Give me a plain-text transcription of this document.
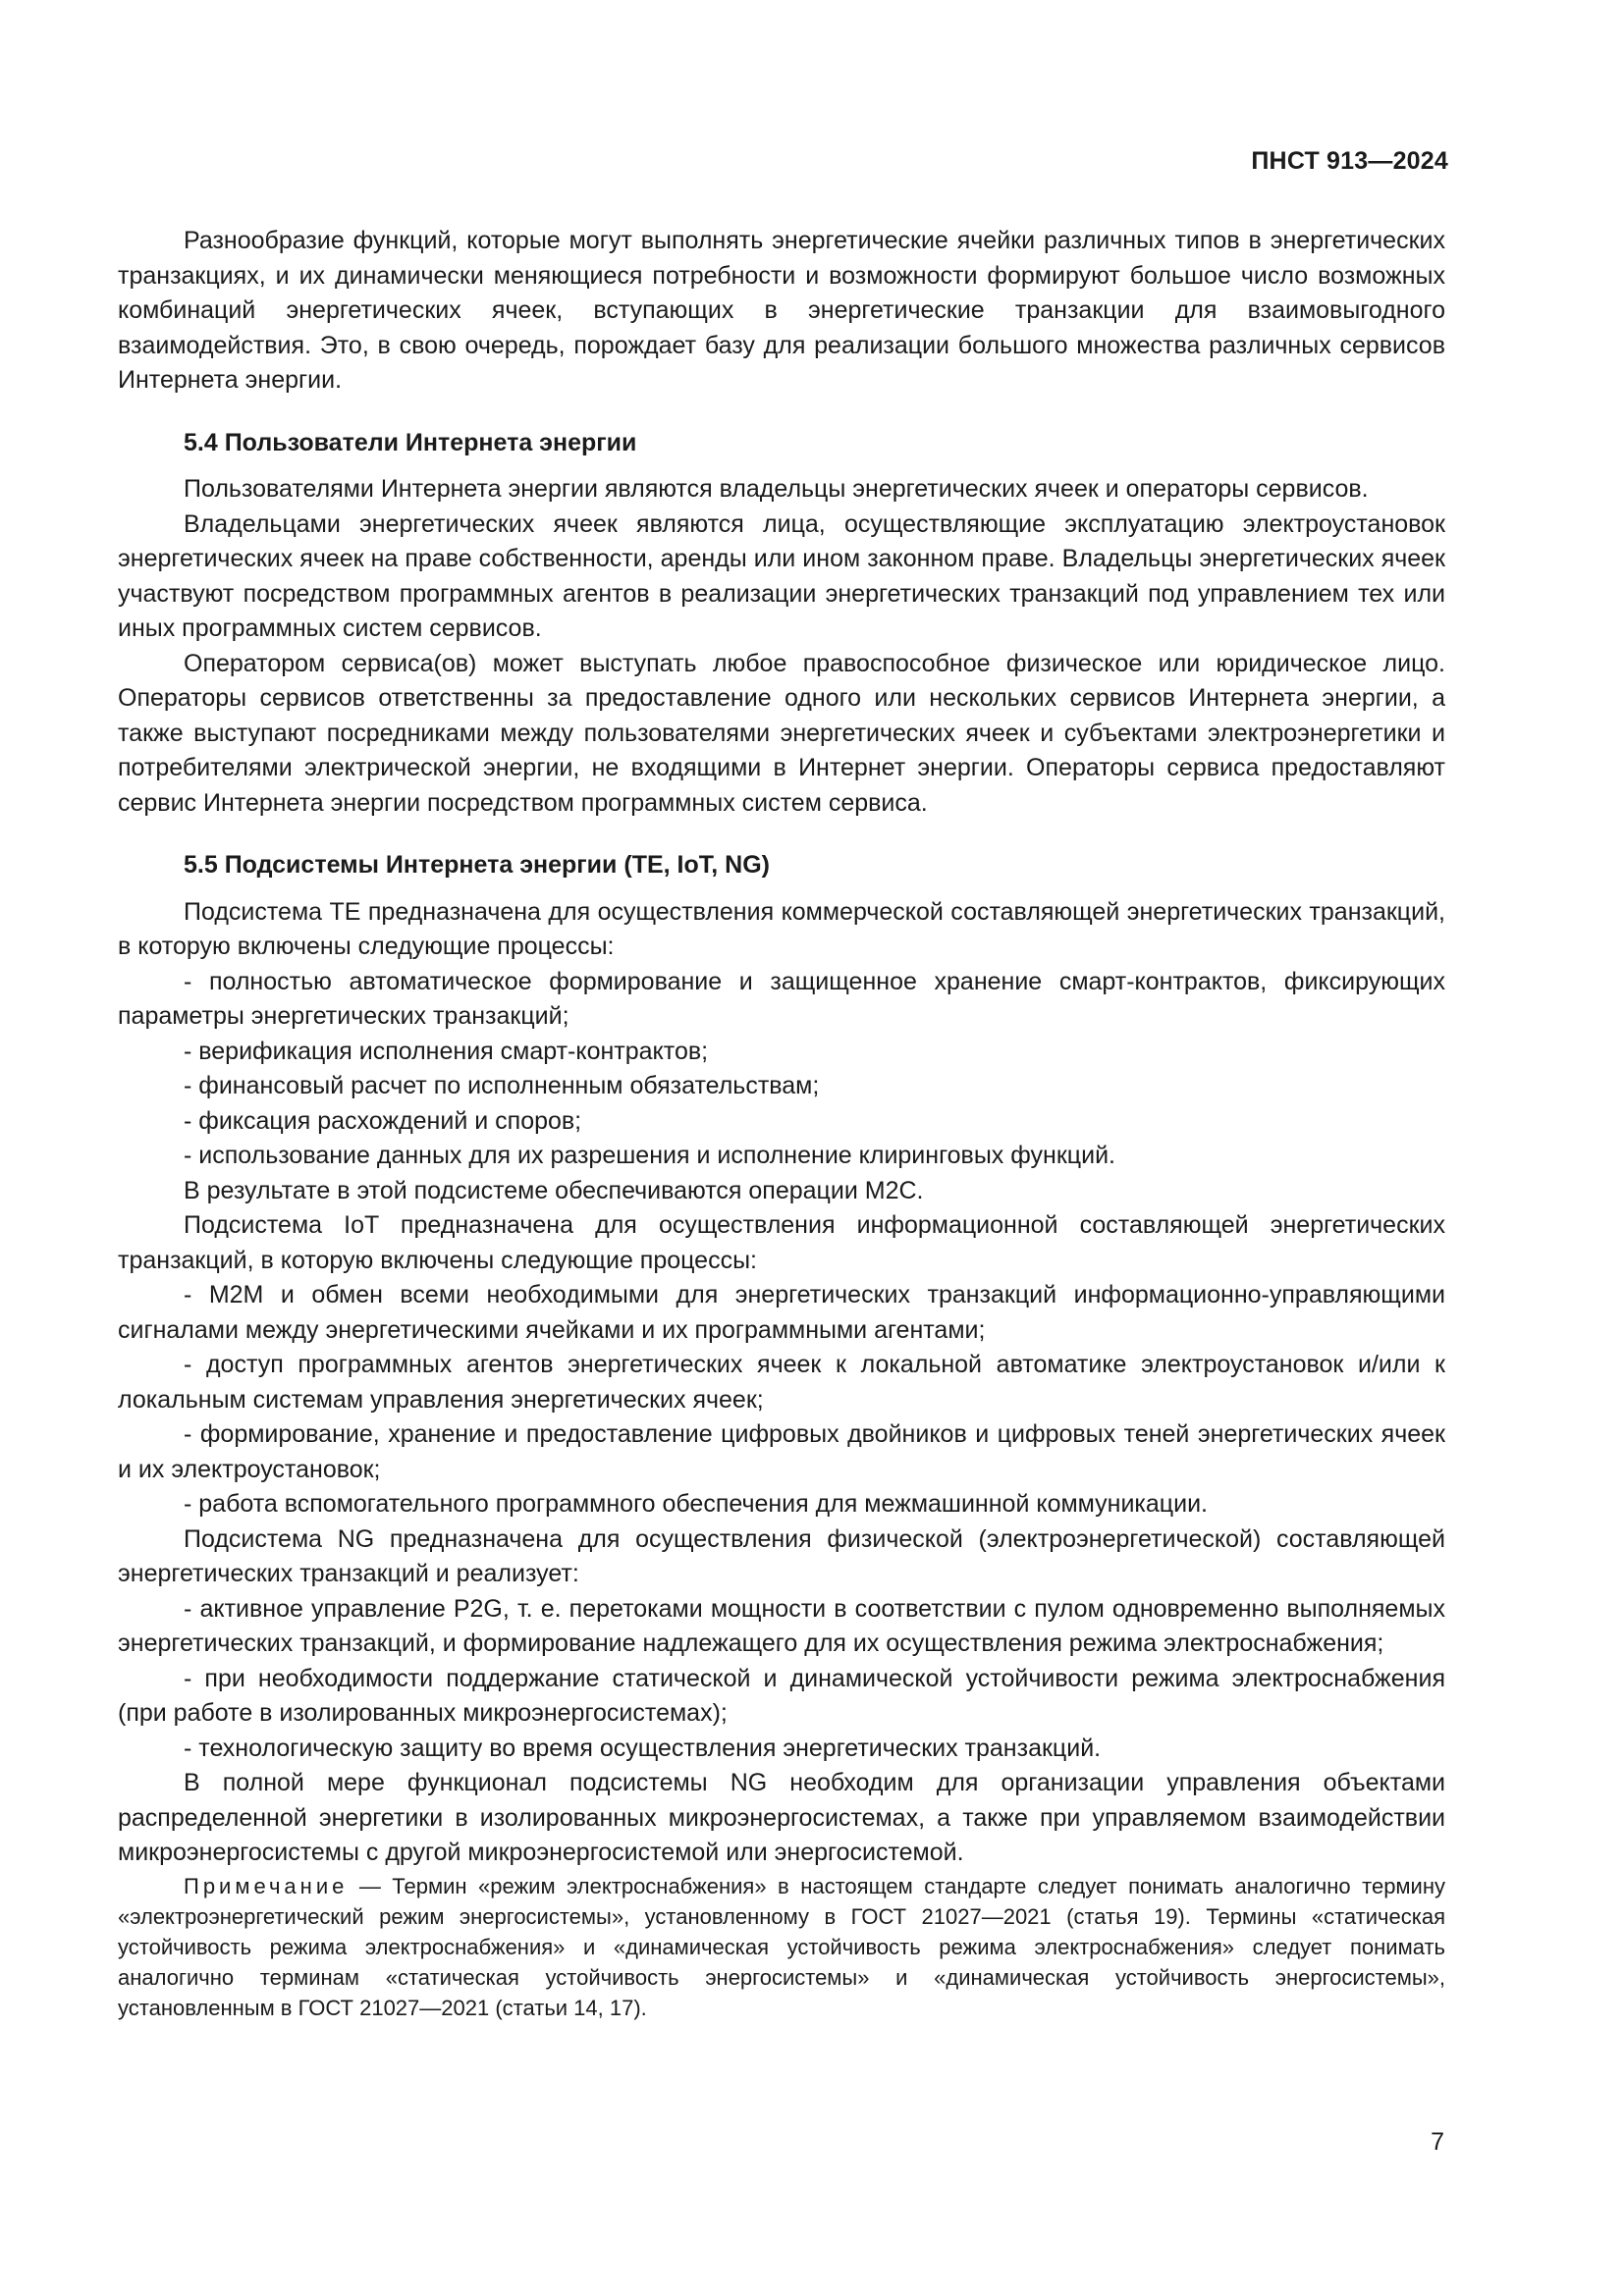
ПНСТ 913—2024

Разнообразие функций, которые могут выполнять энергетические ячейки различных типов в энергетических транзакциях, и их динамически меняющиеся потребности и возможности формируют большое число возможных комбинаций энергетических ячеек, вступающих в энергетические транзакции для взаимовыгодного взаимодействия. Это, в свою очередь, порождает базу для реализации большого множества различных сервисов Интернета энергии.

5.4 Пользователи Интернета энергии

Пользователями Интернета энергии являются владельцы энергетических ячеек и операторы сервисов.

Владельцами энергетических ячеек являются лица, осуществляющие эксплуатацию электроустановок энергетических ячеек на праве собственности, аренды или ином законном праве. Владельцы энергетических ячеек участвуют посредством программных агентов в реализации энергетических транзакций под управлением тех или иных программных систем сервисов.

Оператором сервиса(ов) может выступать любое правоспособное физическое или юридическое лицо. Операторы сервисов ответственны за предоставление одного или нескольких сервисов Интернета энергии, а также выступают посредниками между пользователями энергетических ячеек и субъектами электроэнергетики и потребителями электрической энергии, не входящими в Интернет энергии. Операторы сервиса предоставляют сервис Интернета энергии посредством программных систем сервиса.

5.5 Подсистемы Интернета энергии (TE, IoT, NG)

Подсистема TE предназначена для осуществления коммерческой составляющей энергетических транзакций, в которую включены следующие процессы:

- полностью автоматическое формирование и защищенное хранение смарт-контрактов, фиксирующих параметры энергетических транзакций;

- верификация исполнения смарт-контрактов;

- финансовый расчет по исполненным обязательствам;

- фиксация расхождений и споров;

- использование данных для их разрешения и исполнение клиринговых функций.

В результате в этой подсистеме обеспечиваются операции M2C.

Подсистема IoT предназначена для осуществления информационной составляющей энергетических транзакций, в которую включены следующие процессы:

- M2M и обмен всеми необходимыми для энергетических транзакций информационно-управляющими сигналами между энергетическими ячейками и их программными агентами;

- доступ программных агентов энергетических ячеек к локальной автоматике электроустановок и/или к локальным системам управления энергетических ячеек;

- формирование, хранение и предоставление цифровых двойников и цифровых теней энергетических ячеек и их электроустановок;

- работа вспомогательного программного обеспечения для межмашинной коммуникации.

Подсистема NG предназначена для осуществления физической (электроэнергетической) составляющей энергетических транзакций и реализует:

- активное управление P2G, т. е. перетоками мощности в соответствии с пулом одновременно выполняемых энергетических транзакций, и формирование надлежащего для их осуществления режима электроснабжения;

- при необходимости поддержание статической и динамической устойчивости режима электроснабжения (при работе в изолированных микроэнергосистемах);

- технологическую защиту во время осуществления энергетических транзакций.

В полной мере функционал подсистемы NG необходим для организации управления объектами распределенной энергетики в изолированных микроэнергосистемах, а также при управляемом взаимодействии микроэнергосистемы с другой микроэнергосистемой или энергосистемой.

Примечание — Термин «режим электроснабжения» в настоящем стандарте следует понимать аналогично термину «электроэнергетический режим энергосистемы», установленному в ГОСТ 21027—2021 (статья 19). Термины «статическая устойчивость режима электроснабжения» и «динамическая устойчивость режима электроснабжения» следует понимать аналогично терминам «статическая устойчивость энергосистемы» и «динамическая устойчивость энергосистемы», установленным в ГОСТ 21027—2021 (статьи 14, 17).

7
